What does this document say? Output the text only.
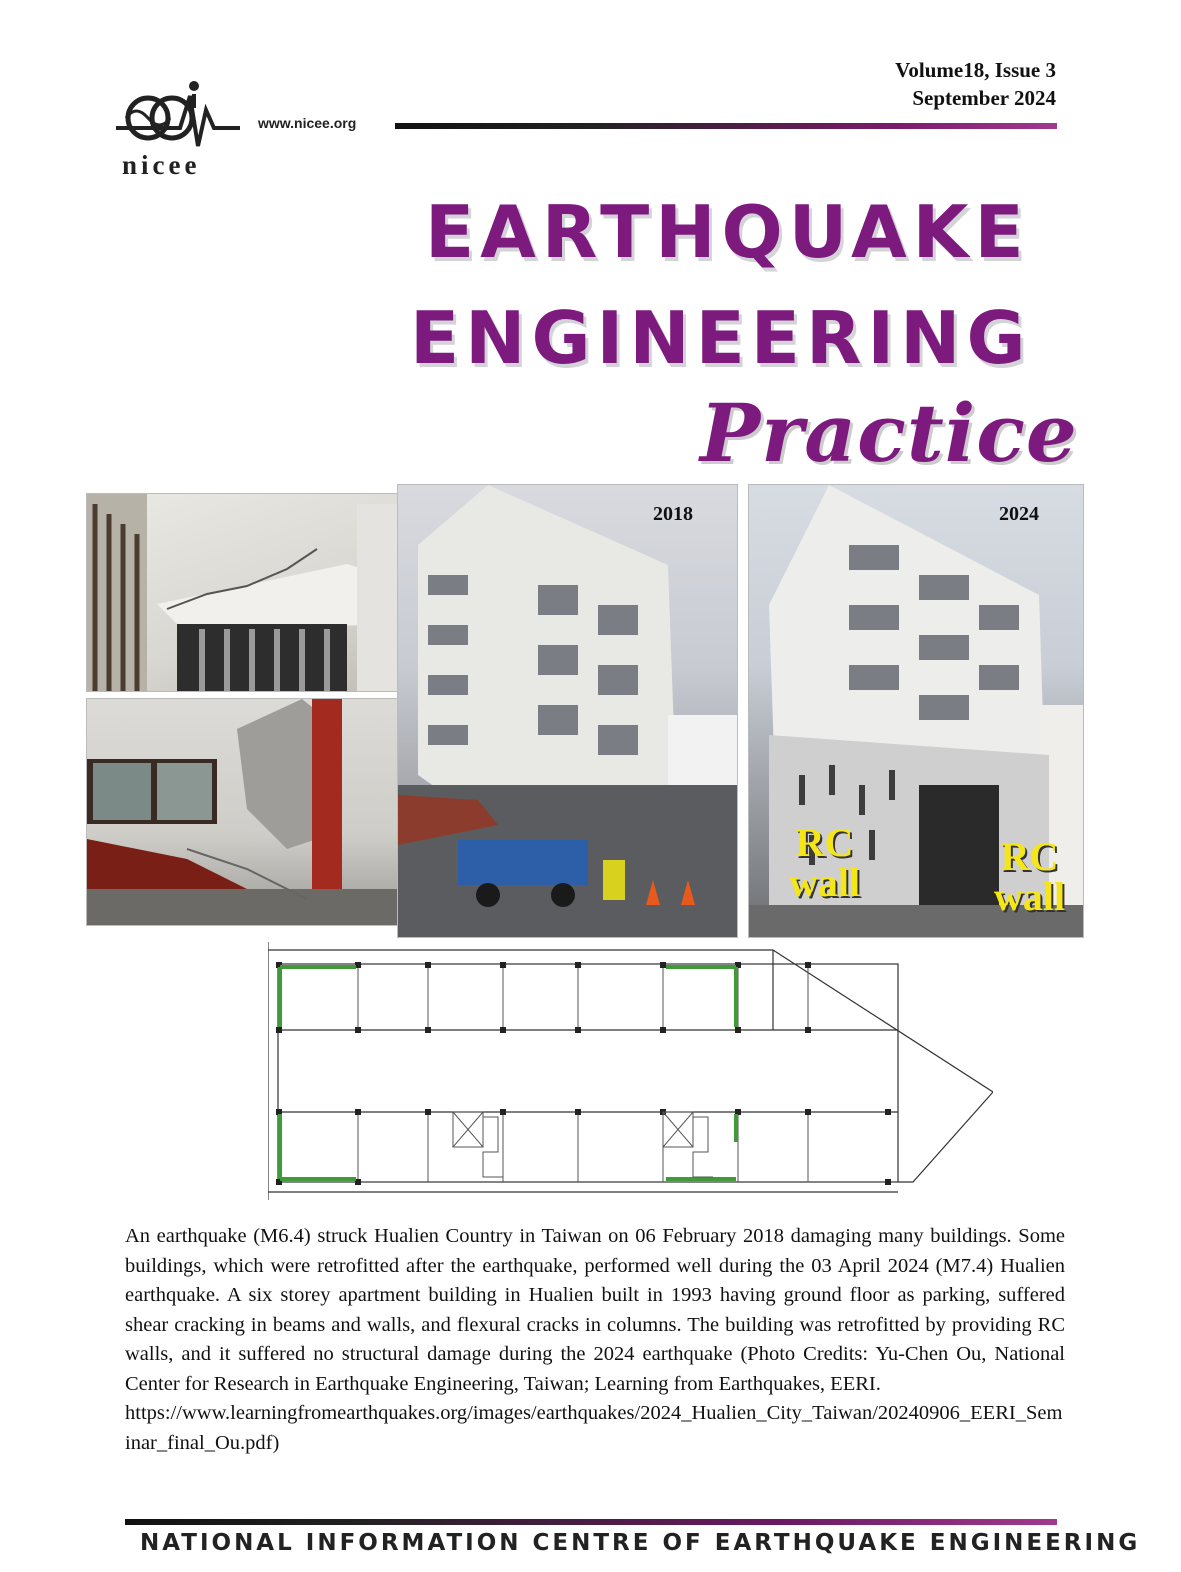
Volume18, Issue 3
September 2024
nicee
www.nicee.org
EARTHQUAKE
ENGINEERING
Practice
2018	2024
RC
wall
RC
wall
An earthquake (M6.4) struck Hualien Country in Taiwan on 06 February 2018 damaging many buildings. Some buildings, which were retrofitted after the earthquake, performed well during the 03 April 2024 (M7.4) Hualien earthquake. A six storey apartment building in Hualien built in 1993 having ground floor as parking, suffered shear cracking in beams and walls, and flexural cracks in columns. The building was retrofitted by providing RC walls, and it suffered no structural damage during the 2024 earthquake (Photo Credits: Yu-Chen Ou, National Center for Research in Earthquake Engineering, Taiwan; Learning from Earthquakes, EERI.
https://www.learningfromearthquakes.org/images/earthquakes/2024_Hualien_City_Taiwan/20240906_EERI_Seminar_final_Ou.pdf)
NATIONAL INFORMATION CENTRE OF EARTHQUAKE ENGINEERING
